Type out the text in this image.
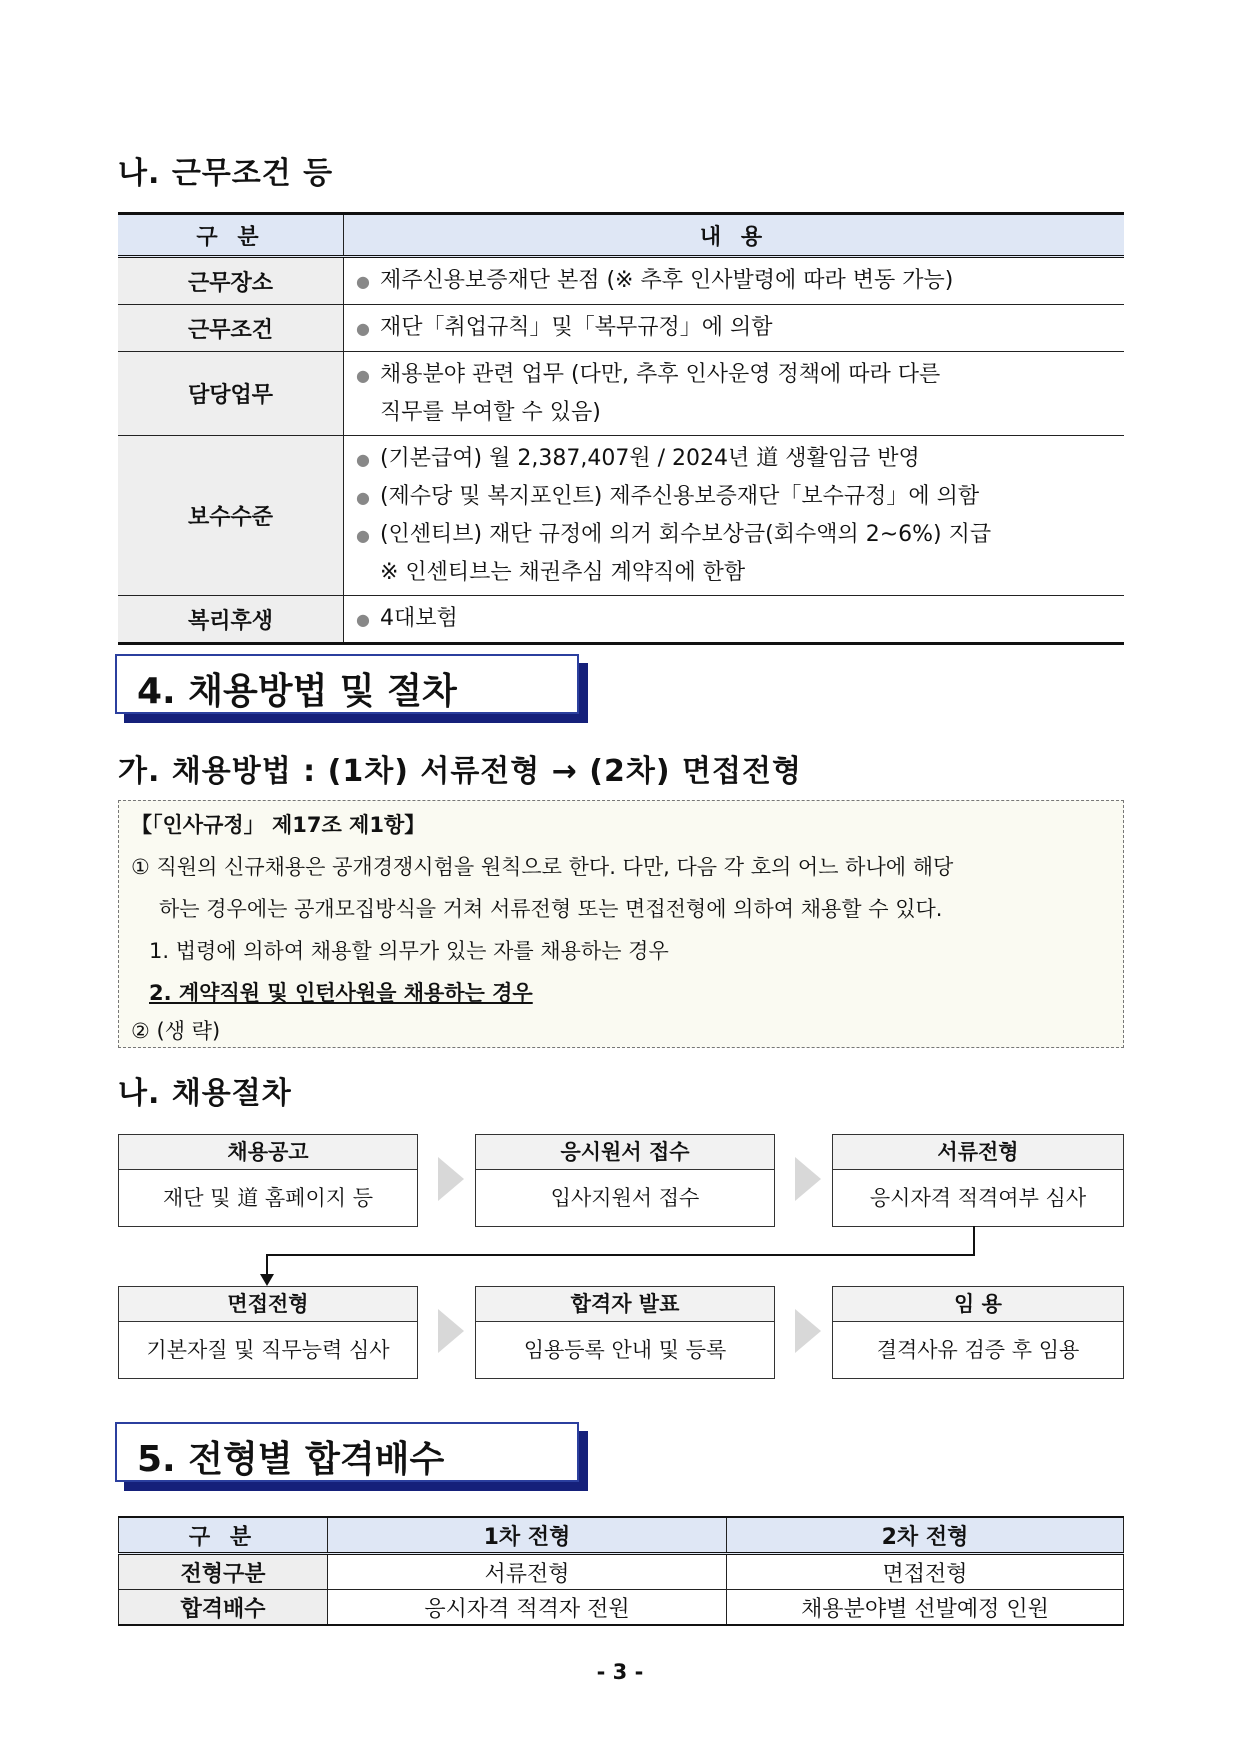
나. 근무조건 등
구 분	내 용
근무장소	● 제주신용보증재단 본점 (※ 추후 인사발령에 따라 변동 가능)

근무조건	● 재단「취업규칙」및「복무규정」에 의함

담당업무	● 채용분야 관련 업무 (다만, 추후 인사운영 정책에 따라 다른
직무를 부여할 수 있음)

보수수준	● (기본급여) 월 2,387,407원 / 2024년 道 생활임금 반영
● (제수당 및 복지포인트) 제주신용보증재단「보수규정」에 의함
● (인센티브) 재단 규정에 의거 회수보상금(회수액의 2~6%) 지급
※ 인센티브는 채권추심 계약직에 한함

복리후생	● 4대보험
4. 채용방법 및 절차
가. 채용방법 : (1차) 서류전형 → (2차) 면접전형
【「인사규정」 제17조 제1항】
① 직원의 신규채용은 공개경쟁시험을 원칙으로 한다. 다만, 다음 각 호의 어느 하나에 해당
하는 경우에는 공개모집방식을 거쳐 서류전형 또는 면접전형에 의하여 채용할 수 있다.
1. 법령에 의하여 채용할 의무가 있는 자를 채용하는 경우
2. 계약직원 및 인턴사원을 채용하는 경우
② (생 략)
나. 채용절차
채용공고
재단 및 道 홈페이지 등
응시원서 접수
입사지원서 접수
서류전형
응시자격 적격여부 심사
면접전형
기본자질 및 직무능력 심사
합격자 발표
임용등록 안내 및 등록
임 용
결격사유 검증 후 임용
5. 전형별 합격배수
구 분	1차 전형	2차 전형
전형구분	서류전형	면접전형
합격배수	응시자격 적격자 전원	채용분야별 선발예정 인원
- 3 -
